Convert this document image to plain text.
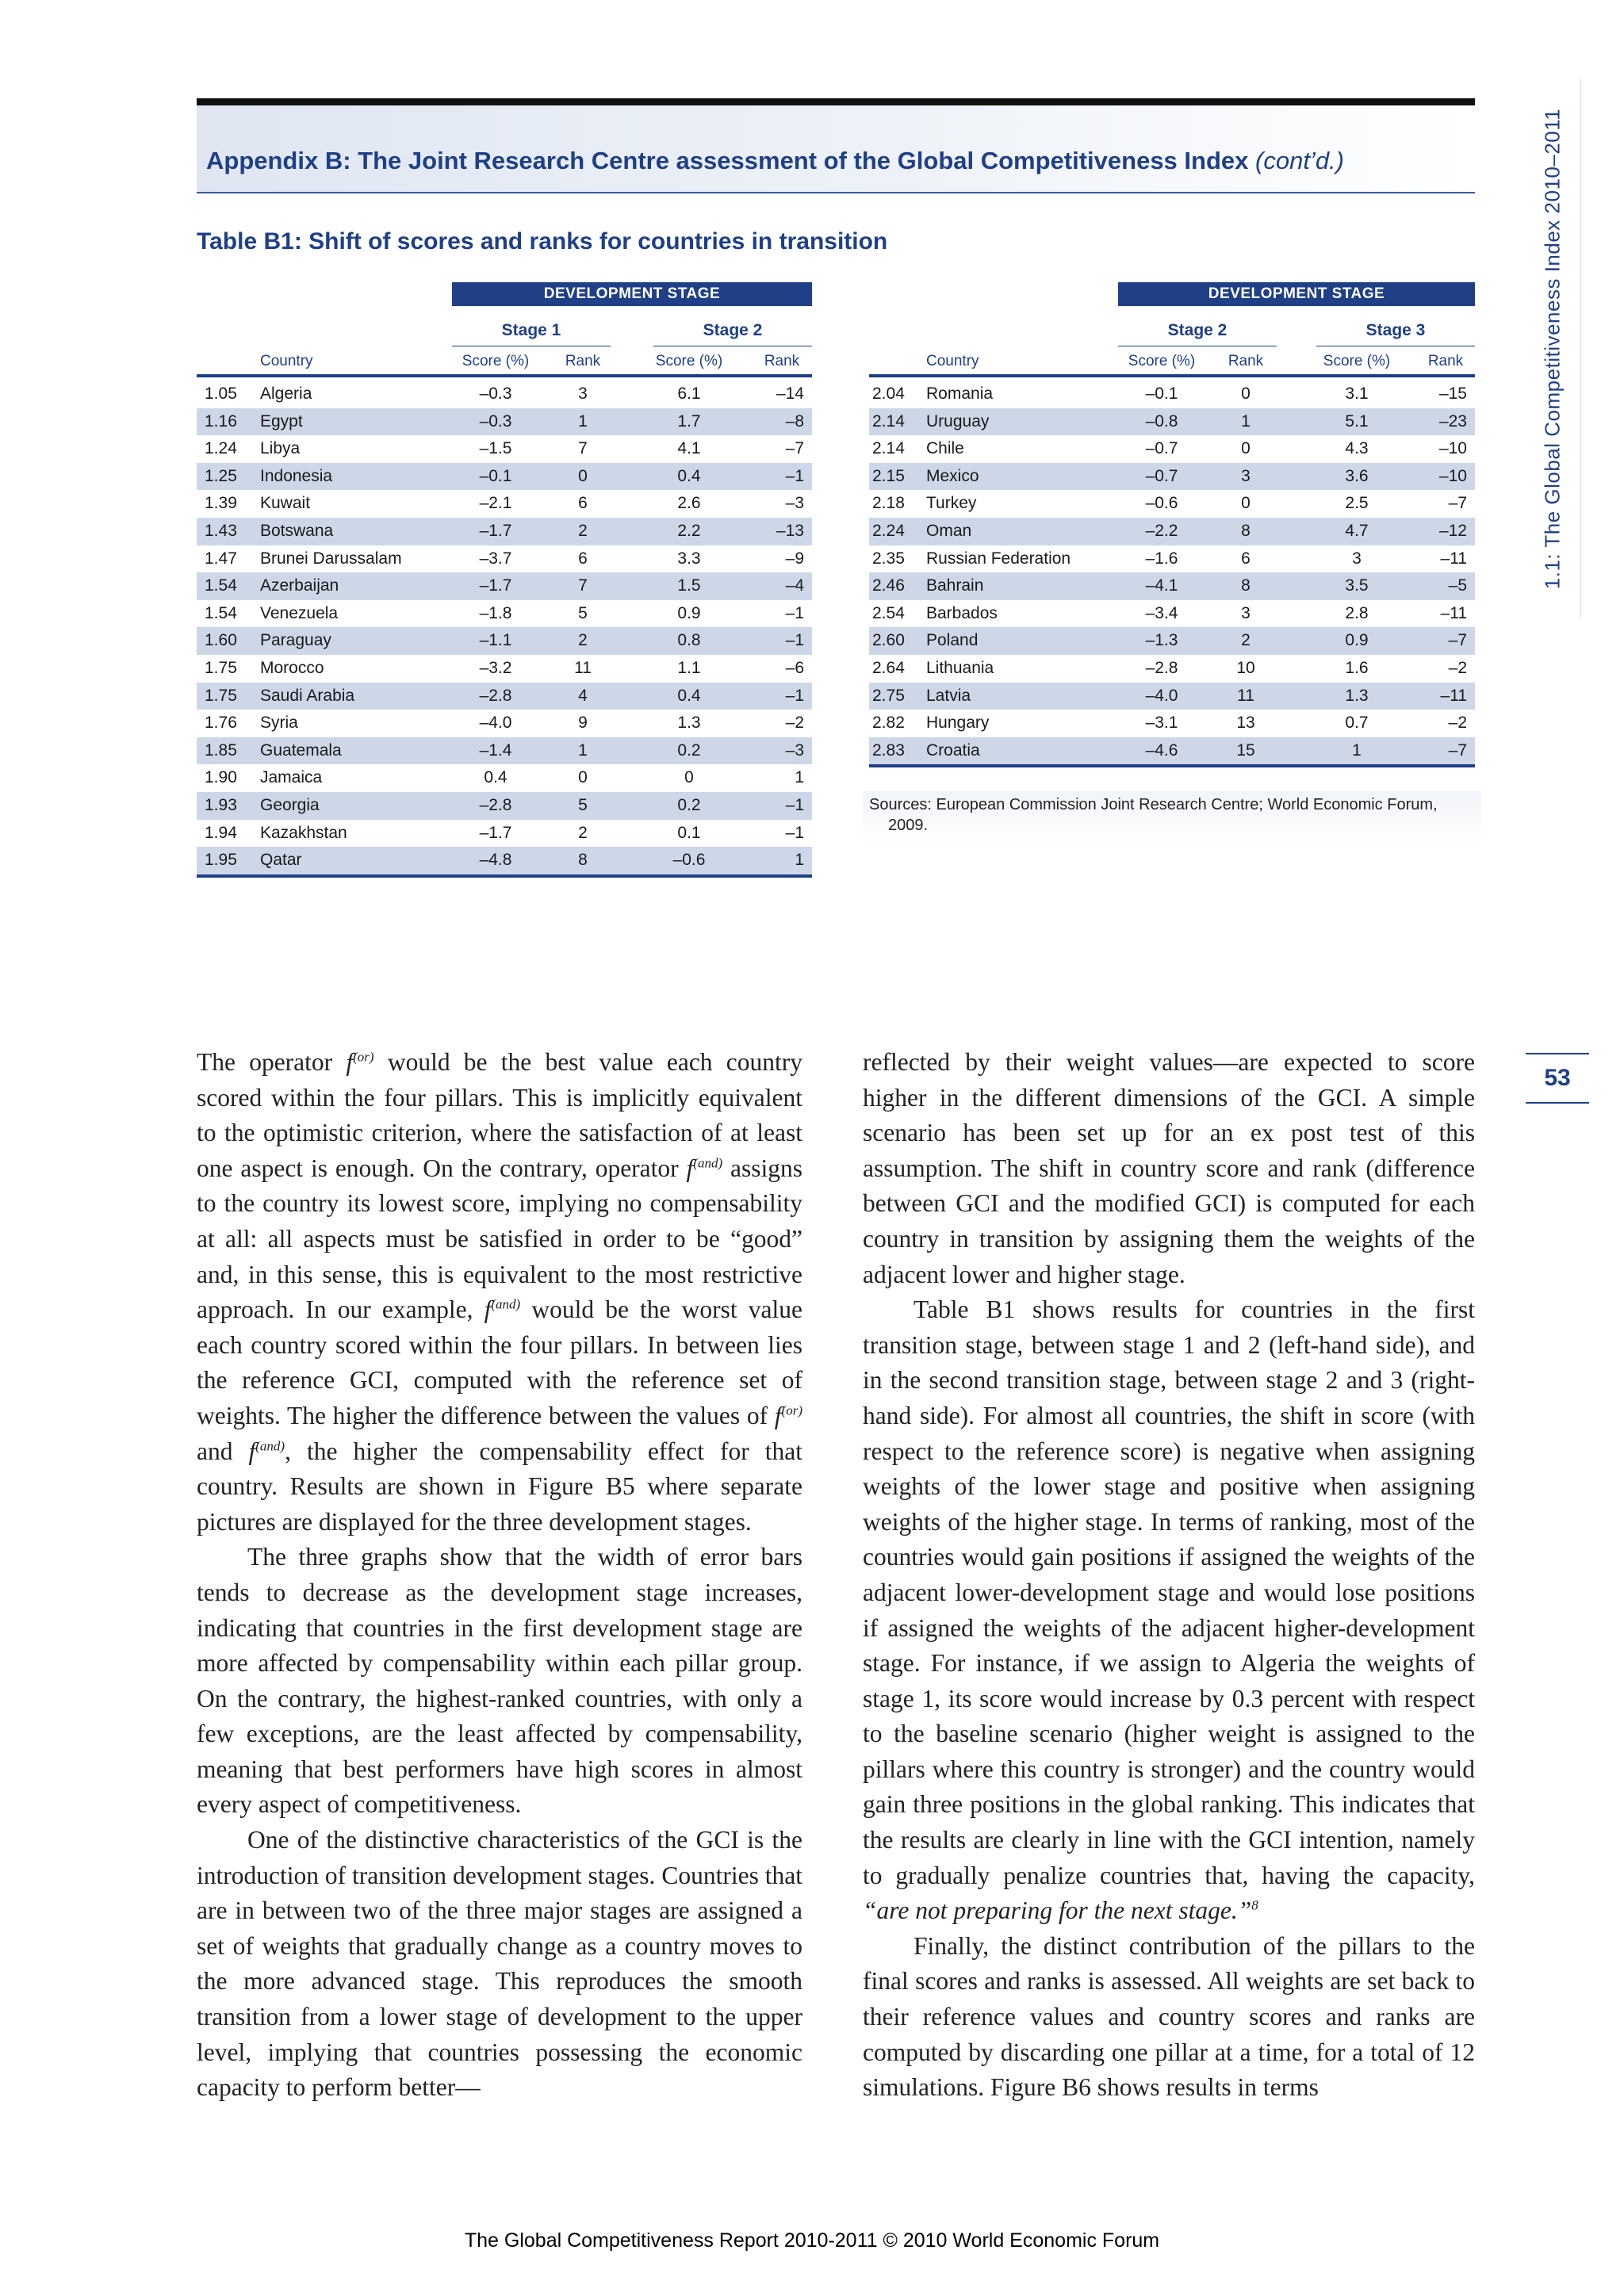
Appendix B: The Joint Research Centre assessment of the Global Competitiveness Index (cont’d.)
Table B1: Shift of scores and ranks for countries in transition
DEVELOPMENT STAGE
Stage 1	Stage 2
Country	Score (%)	Rank	Score (%)	Rank
1.05	Algeria	–0.3	3	6.1	–14
1.16	Egypt	–0.3	1	1.7	–8
1.24	Libya	–1.5	7	4.1	–7
1.25	Indonesia	–0.1	0	0.4	–1
1.39	Kuwait	–2.1	6	2.6	–3
1.43	Botswana	–1.7	2	2.2	–13
1.47	Brunei Darussalam	–3.7	6	3.3	–9
1.54	Azerbaijan	–1.7	7	1.5	–4
1.54	Venezuela	–1.8	5	0.9	–1
1.60	Paraguay	–1.1	2	0.8	–1
1.75	Morocco	–3.2	11	1.1	–6
1.75	Saudi Arabia	–2.8	4	0.4	–1
1.76	Syria	–4.0	9	1.3	–2
1.85	Guatemala	–1.4	1	0.2	–3
1.90	Jamaica	0.4	0	0	1
1.93	Georgia	–2.8	5	0.2	–1
1.94	Kazakhstan	–1.7	2	0.1	–1
1.95	Qatar	–4.8	8	–0.6	1
DEVELOPMENT STAGE
Stage 2	Stage 3
Country	Score (%)	Rank	Score (%)	Rank
2.04	Romania	–0.1	0	3.1	–15
2.14	Uruguay	–0.8	1	5.1	–23
2.14	Chile	–0.7	0	4.3	–10
2.15	Mexico	–0.7	3	3.6	–10
2.18	Turkey	–0.6	0	2.5	–7
2.24	Oman	–2.2	8	4.7	–12
2.35	Russian Federation	–1.6	6	3	–11
2.46	Bahrain	–4.1	8	3.5	–5
2.54	Barbados	–3.4	3	2.8	–11
2.60	Poland	–1.3	2	0.9	–7
2.64	Lithuania	–2.8	10	1.6	–2
2.75	Latvia	–4.0	11	1.3	–11
2.82	Hungary	–3.1	13	0.7	–2
2.83	Croatia	–4.6	15	1	–7
Sources: European Commission Joint Research Centre; World Economic Forum, 2009.

The operator $f^{(or)}$ would be the best value each country scored within the four pillars. This is implicitly equivalent to the optimistic criterion, where the satisfaction of at least one aspect is enough. On the contrary, operator $f^{(and)}$ assigns to the country its lowest score, implying no compensability at all: all aspects must be satisfied in order to be “good” and, in this sense, this is equivalent to the most restrictive approach. In our example, $f^{(and)}$ would be the worst value each country scored within the four pillars. In between lies the reference GCI, computed with the reference set of weights. The higher the difference between the values of $f^{(or)}$ and $f^{(and)}$, the higher the compensability effect for that country. Results are shown in Figure B5 where separate pictures are displayed for the three development stages.

The three graphs show that the width of error bars tends to decrease as the development stage increases, indicating that countries in the first development stage are more affected by compensability within each pillar group. On the contrary, the highest-ranked countries, with only a few exceptions, are the least affected by compensability, meaning that best performers have high scores in almost every aspect of competitiveness.

One of the distinctive characteristics of the GCI is the introduction of transition development stages. Countries that are in between two of the three major stages are assigned a set of weights that gradually change as a country moves to the more advanced stage. This reproduces the smooth transition from a lower stage of development to the upper level, implying that countries possessing the economic capacity to perform better—

reflected by their weight values—are expected to score higher in the different dimensions of the GCI. A simple scenario has been set up for an ex post test of this assumption. The shift in country score and rank (difference between GCI and the modified GCI) is computed for each country in transition by assigning them the weights of the adjacent lower and higher stage.

Table B1 shows results for countries in the first transition stage, between stage 1 and 2 (left-hand side), and in the second transition stage, between stage 2 and 3 (right-hand side). For almost all countries, the shift in score (with respect to the reference score) is negative when assigning weights of the lower stage and positive when assigning weights of the higher stage. In terms of ranking, most of the countries would gain positions if assigned the weights of the adjacent lower-development stage and would lose positions if assigned the weights of the adjacent higher-development stage. For instance, if we assign to Algeria the weights of stage 1, its score would increase by 0.3 percent with respect to the baseline scenario (higher weight is assigned to the pillars where this country is stronger) and the country would gain three positions in the global ranking. This indicates that the results are clearly in line with the GCI intention, namely to gradually penalize countries that, having the capacity, “are not preparing for the next stage.”$^8$

Finally, the distinct contribution of the pillars to the final scores and ranks is assessed. All weights are set back to their reference values and country scores and ranks are computed by discarding one pillar at a time, for a total of 12 simulations. Figure B6 shows results in terms

1.1: The Global Competitiveness Index 2010–2011
53
The Global Competitiveness Report 2010-2011 © 2010 World Economic Forum
